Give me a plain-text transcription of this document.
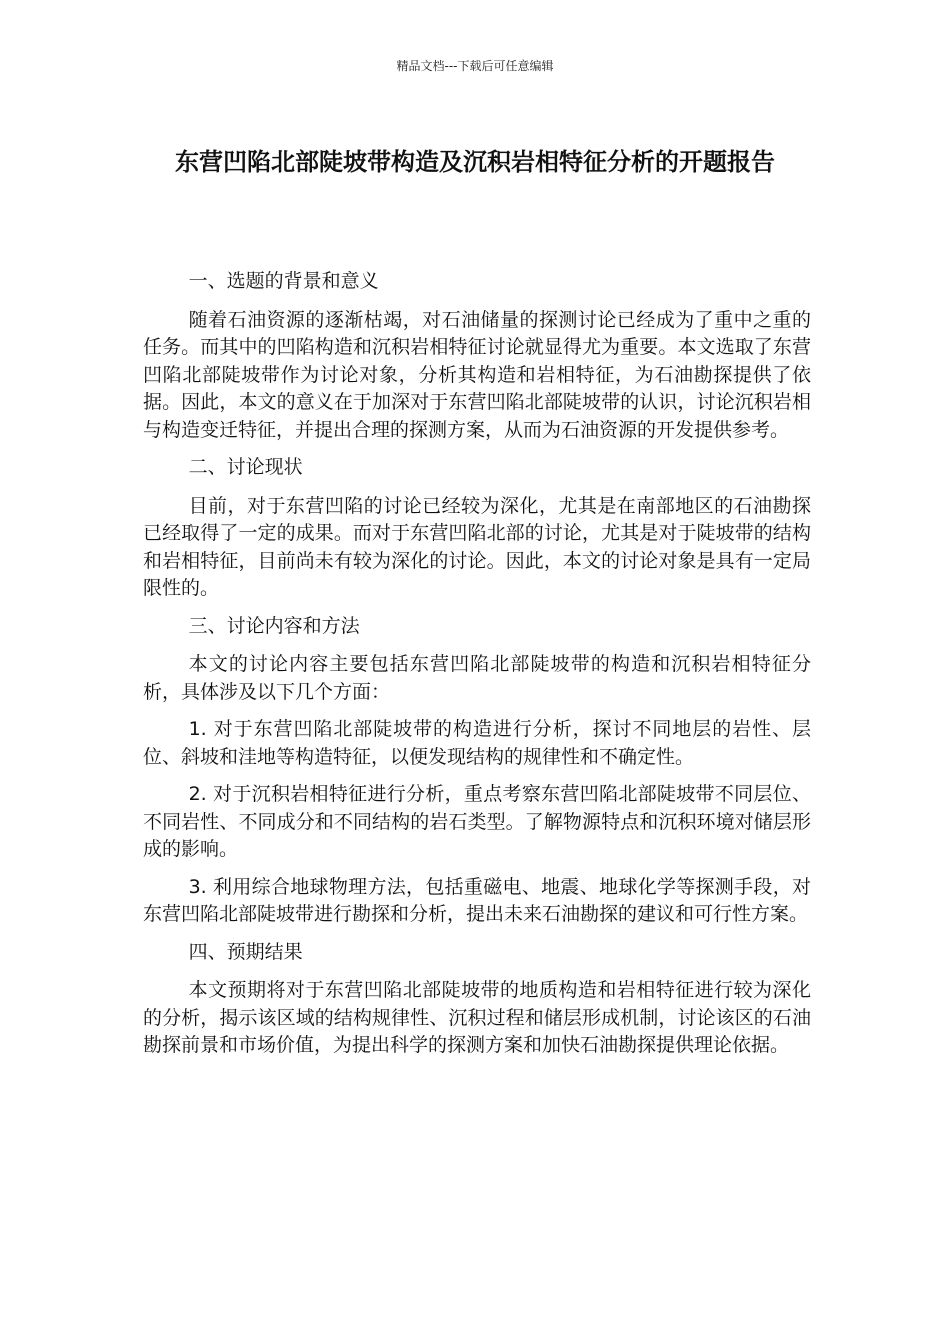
精品文档---下载后可任意编辑
东营凹陷北部陡坡带构造及沉积岩相特征分析的开题报告

一、选题的背景和意义

随着石油资源的逐渐枯竭，对石油储量的探测讨论已经成为了重中之重的任务。而其中的凹陷构造和沉积岩相特征讨论就显得尤为重要。本文选取了东营凹陷北部陡坡带作为讨论对象，分析其构造和岩相特征，为石油勘探提供了依据。因此，本文的意义在于加深对于东营凹陷北部陡坡带的认识，讨论沉积岩相与构造变迁特征，并提出合理的探测方案，从而为石油资源的开发提供参考。

二、讨论现状

目前，对于东营凹陷的讨论已经较为深化，尤其是在南部地区的石油勘探已经取得了一定的成果。而对于东营凹陷北部的讨论，尤其是对于陡坡带的结构和岩相特征，目前尚未有较为深化的讨论。因此，本文的讨论对象是具有一定局限性的。

三、讨论内容和方法

本文的讨论内容主要包括东营凹陷北部陡坡带的构造和沉积岩相特征分析，具体涉及以下几个方面：

1. 对于东营凹陷北部陡坡带的构造进行分析，探讨不同地层的岩性、层位、斜坡和洼地等构造特征，以便发现结构的规律性和不确定性。

2. 对于沉积岩相特征进行分析，重点考察东营凹陷北部陡坡带不同层位、不同岩性、不同成分和不同结构的岩石类型。了解物源特点和沉积环境对储层形成的影响。

3. 利用综合地球物理方法，包括重磁电、地震、地球化学等探测手段，对东营凹陷北部陡坡带进行勘探和分析，提出未来石油勘探的建议和可行性方案。

四、预期结果

本文预期将对于东营凹陷北部陡坡带的地质构造和岩相特征进行较为深化的分析，揭示该区域的结构规律性、沉积过程和储层形成机制，讨论该区的石油勘探前景和市场价值，为提出科学的探测方案和加快石油勘探提供理论依据。
